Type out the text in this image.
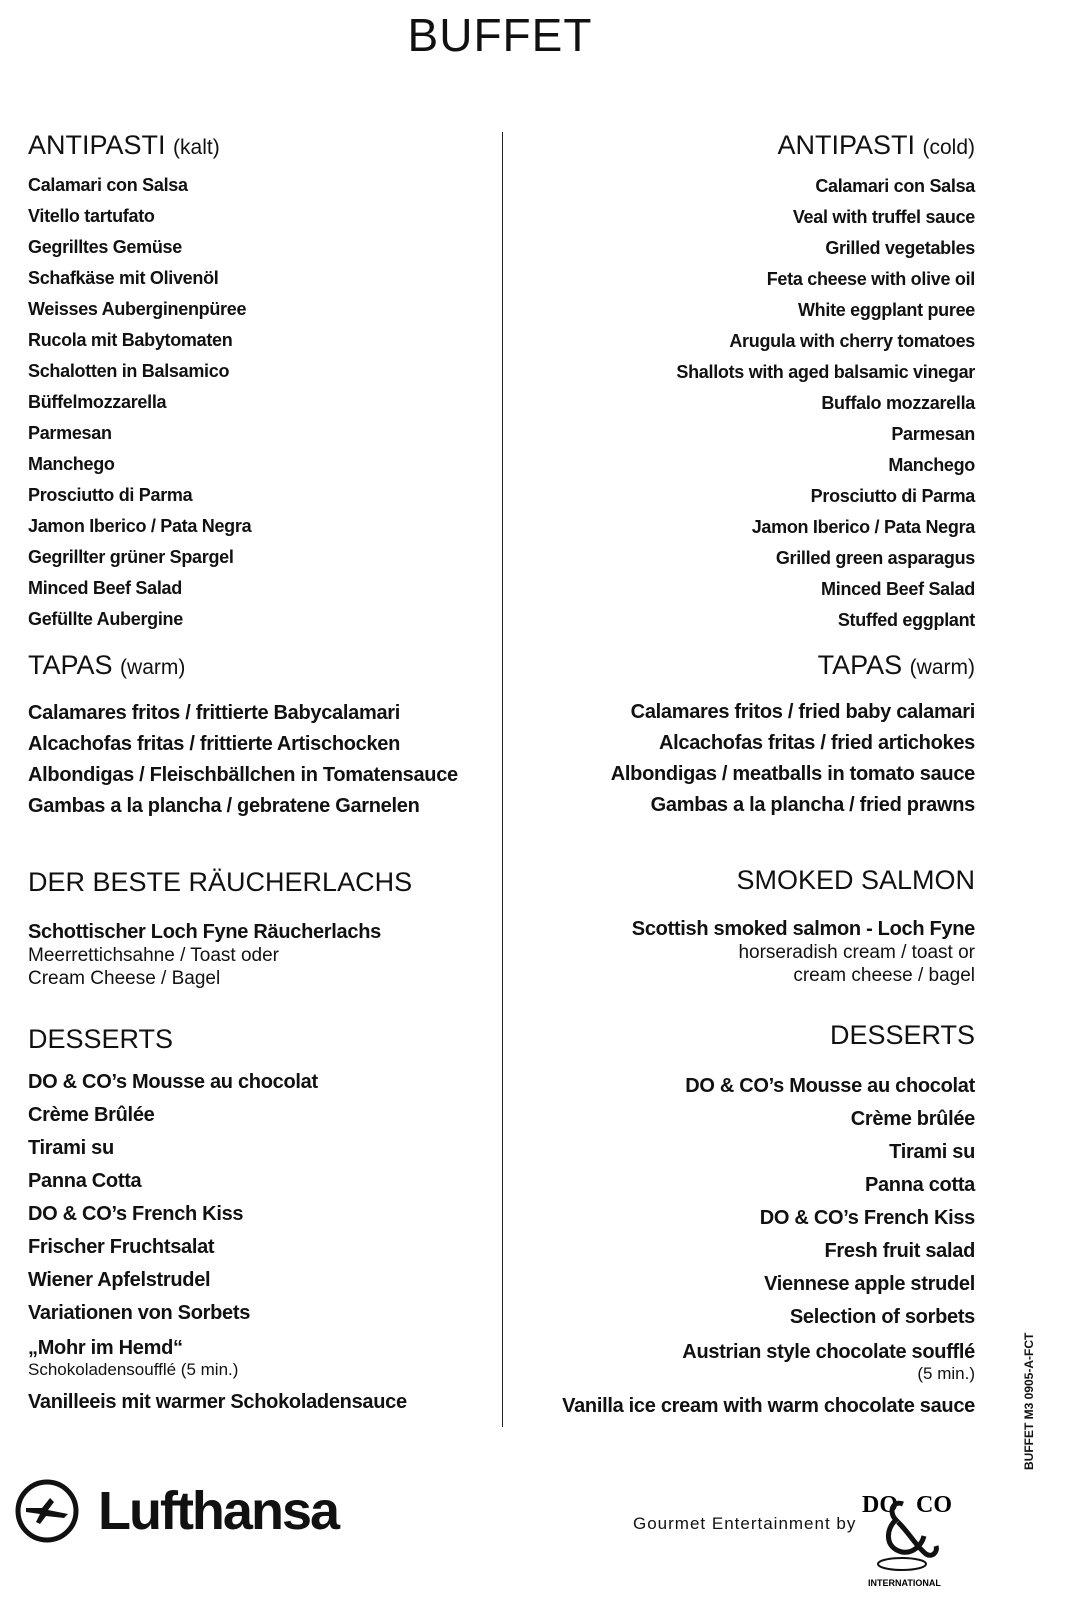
BUFFET
ANTIPASTI (kalt)
Calamari con Salsa
Vitello tartufato
Gegrilltes Gemüse
Schafkäse mit Olivenöl
Weisses Auberginenpüree
Rucola mit Babytomaten
Schalotten in Balsamico
Büffelmozzarella
Parmesan
Manchego
Prosciutto di Parma
Jamon Iberico / Pata Negra
Gegrillter grüner Spargel
Minced Beef Salad
Gefüllte Aubergine
TAPAS (warm)
Calamares fritos / frittierte Babycalamari
Alcachofas fritas / frittierte Artischocken
Albondigas / Fleischbällchen in Tomatensauce
Gambas a la plancha / gebratene Garnelen
DER BESTE RÄUCHERLACHS
Schottischer Loch Fyne Räucherlachs
Meerrettichsahne / Toast oder
Cream Cheese / Bagel
DESSERTS
DO & CO’s Mousse au chocolat
Crème Brûlée
Tirami su
Panna Cotta
DO & CO’s French Kiss
Frischer Fruchtsalat
Wiener Apfelstrudel
Variationen von Sorbets
„Mohr im Hemd“
Schokoladensoufflé (5 min.)
Vanilleeis mit warmer Schokoladensauce
ANTIPASTI (cold)
Calamari con Salsa
Veal with truffel sauce
Grilled vegetables
Feta cheese with olive oil
White eggplant puree
Arugula with cherry tomatoes
Shallots with aged balsamic vinegar
Buffalo mozzarella
Parmesan
Manchego
Prosciutto di Parma
Jamon Iberico / Pata Negra
Grilled green asparagus
Minced Beef Salad
Stuffed eggplant
TAPAS (warm)
Calamares fritos / fried baby calamari
Alcachofas fritas / fried artichokes
Albondigas / meatballs in tomato sauce
Gambas a la plancha / fried prawns
SMOKED SALMON
Scottish smoked salmon - Loch Fyne
horseradish cream / toast or
cream cheese / bagel
DESSERTS
DO & CO’s Mousse au chocolat
Crème brûlée
Tirami su
Panna cotta
DO & CO’s French Kiss
Fresh fruit salad
Viennese apple strudel
Selection of sorbets
Austrian style chocolate soufflé
(5 min.)
Vanilla ice cream with warm chocolate sauce	BUFFET M3 0905-A-FCT
Lufthansa	Gourmet Entertainment by
DO CO
INTERNATIONAL
